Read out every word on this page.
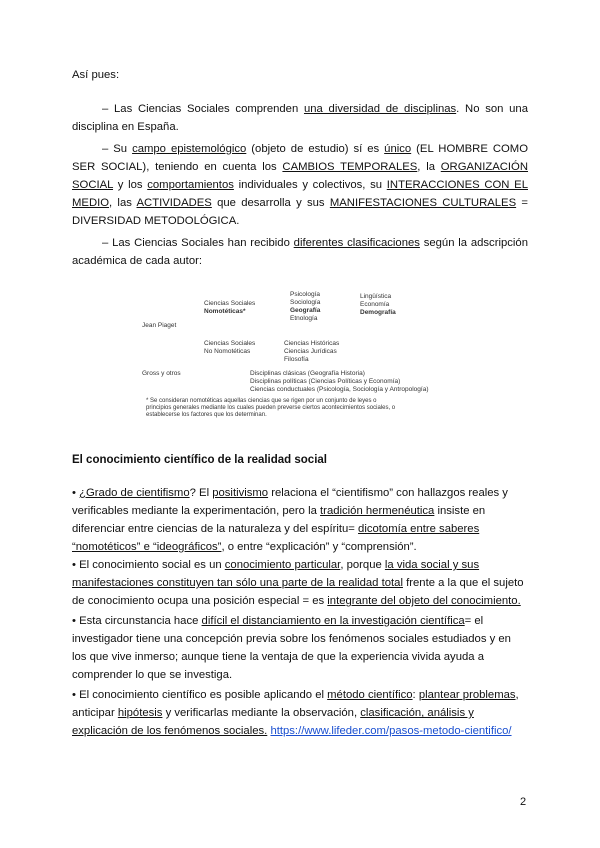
Así pues:
– Las Ciencias Sociales comprenden una diversidad de disciplinas. No son una disciplina en España.
– Su campo epistemológico (objeto de estudio) sí es único (EL HOMBRE COMO SER SOCIAL), teniendo en cuenta los CAMBIOS TEMPORALES, la ORGANIZACIÓN SOCIAL y los comportamientos individuales y colectivos, su INTERACCIONES CON EL MEDIO, las ACTIVIDADES que desarrolla y sus MANIFESTACIONES CULTURALES = DIVERSIDAD METODOLÓGICA.
– Las Ciencias Sociales han recibido diferentes clasificaciones según la adscripción académica de cada autor:
Psicología
Sociología
Geografía
Etnología
Lingüística
Economía
Demografía
Ciencias Sociales
Nomotéticas*
Jean Piaget
Ciencias Sociales
No Nomotéticas
Ciencias Históricas
Ciencias Jurídicas
Filosofía
Gross y otros	Disciplinas clásicas (Geografía Historia)
Disciplinas políticas (Ciencias Políticas y Economía)
Ciencias conductuales (Psicología, Sociología y Antropología)
* Se consideran nomotéticas aquellas ciencias que se rigen por un conjunto de leyes o
principios generales mediante los cuales pueden preverse ciertos acontecimientos sociales, o
establecerse los factores que los determinan.
El conocimiento científico de la realidad social
• ¿Grado de cientifismo? El positivismo relaciona el “cientifismo” con hallazgos reales y verificables mediante la experimentación, pero la tradición hermenéutica insiste en diferenciar entre ciencias de la naturaleza y del espíritu= dicotomía entre saberes “nomotéticos” e “ideográficos”, o entre “explicación” y “comprensión”.
• El conocimiento social es un conocimiento particular, porque la vida social y sus manifestaciones constituyen tan sólo una parte de la realidad total frente a la que el sujeto de conocimiento ocupa una posición especial = es integrante del objeto del conocimiento.
• Esta circunstancia hace difícil el distanciamiento en la investigación científica= el investigador tiene una concepción previa sobre los fenómenos sociales estudiados y en los que vive inmerso; aunque tiene la ventaja de que la experiencia vivida ayuda a comprender lo que se investiga.
• El conocimiento científico es posible aplicando el método científico: plantear problemas, anticipar hipótesis y verificarlas mediante la observación, clasificación, análisis y explicación de los fenómenos sociales. https://www.lifeder.com/pasos-metodo-cientifico/
2
